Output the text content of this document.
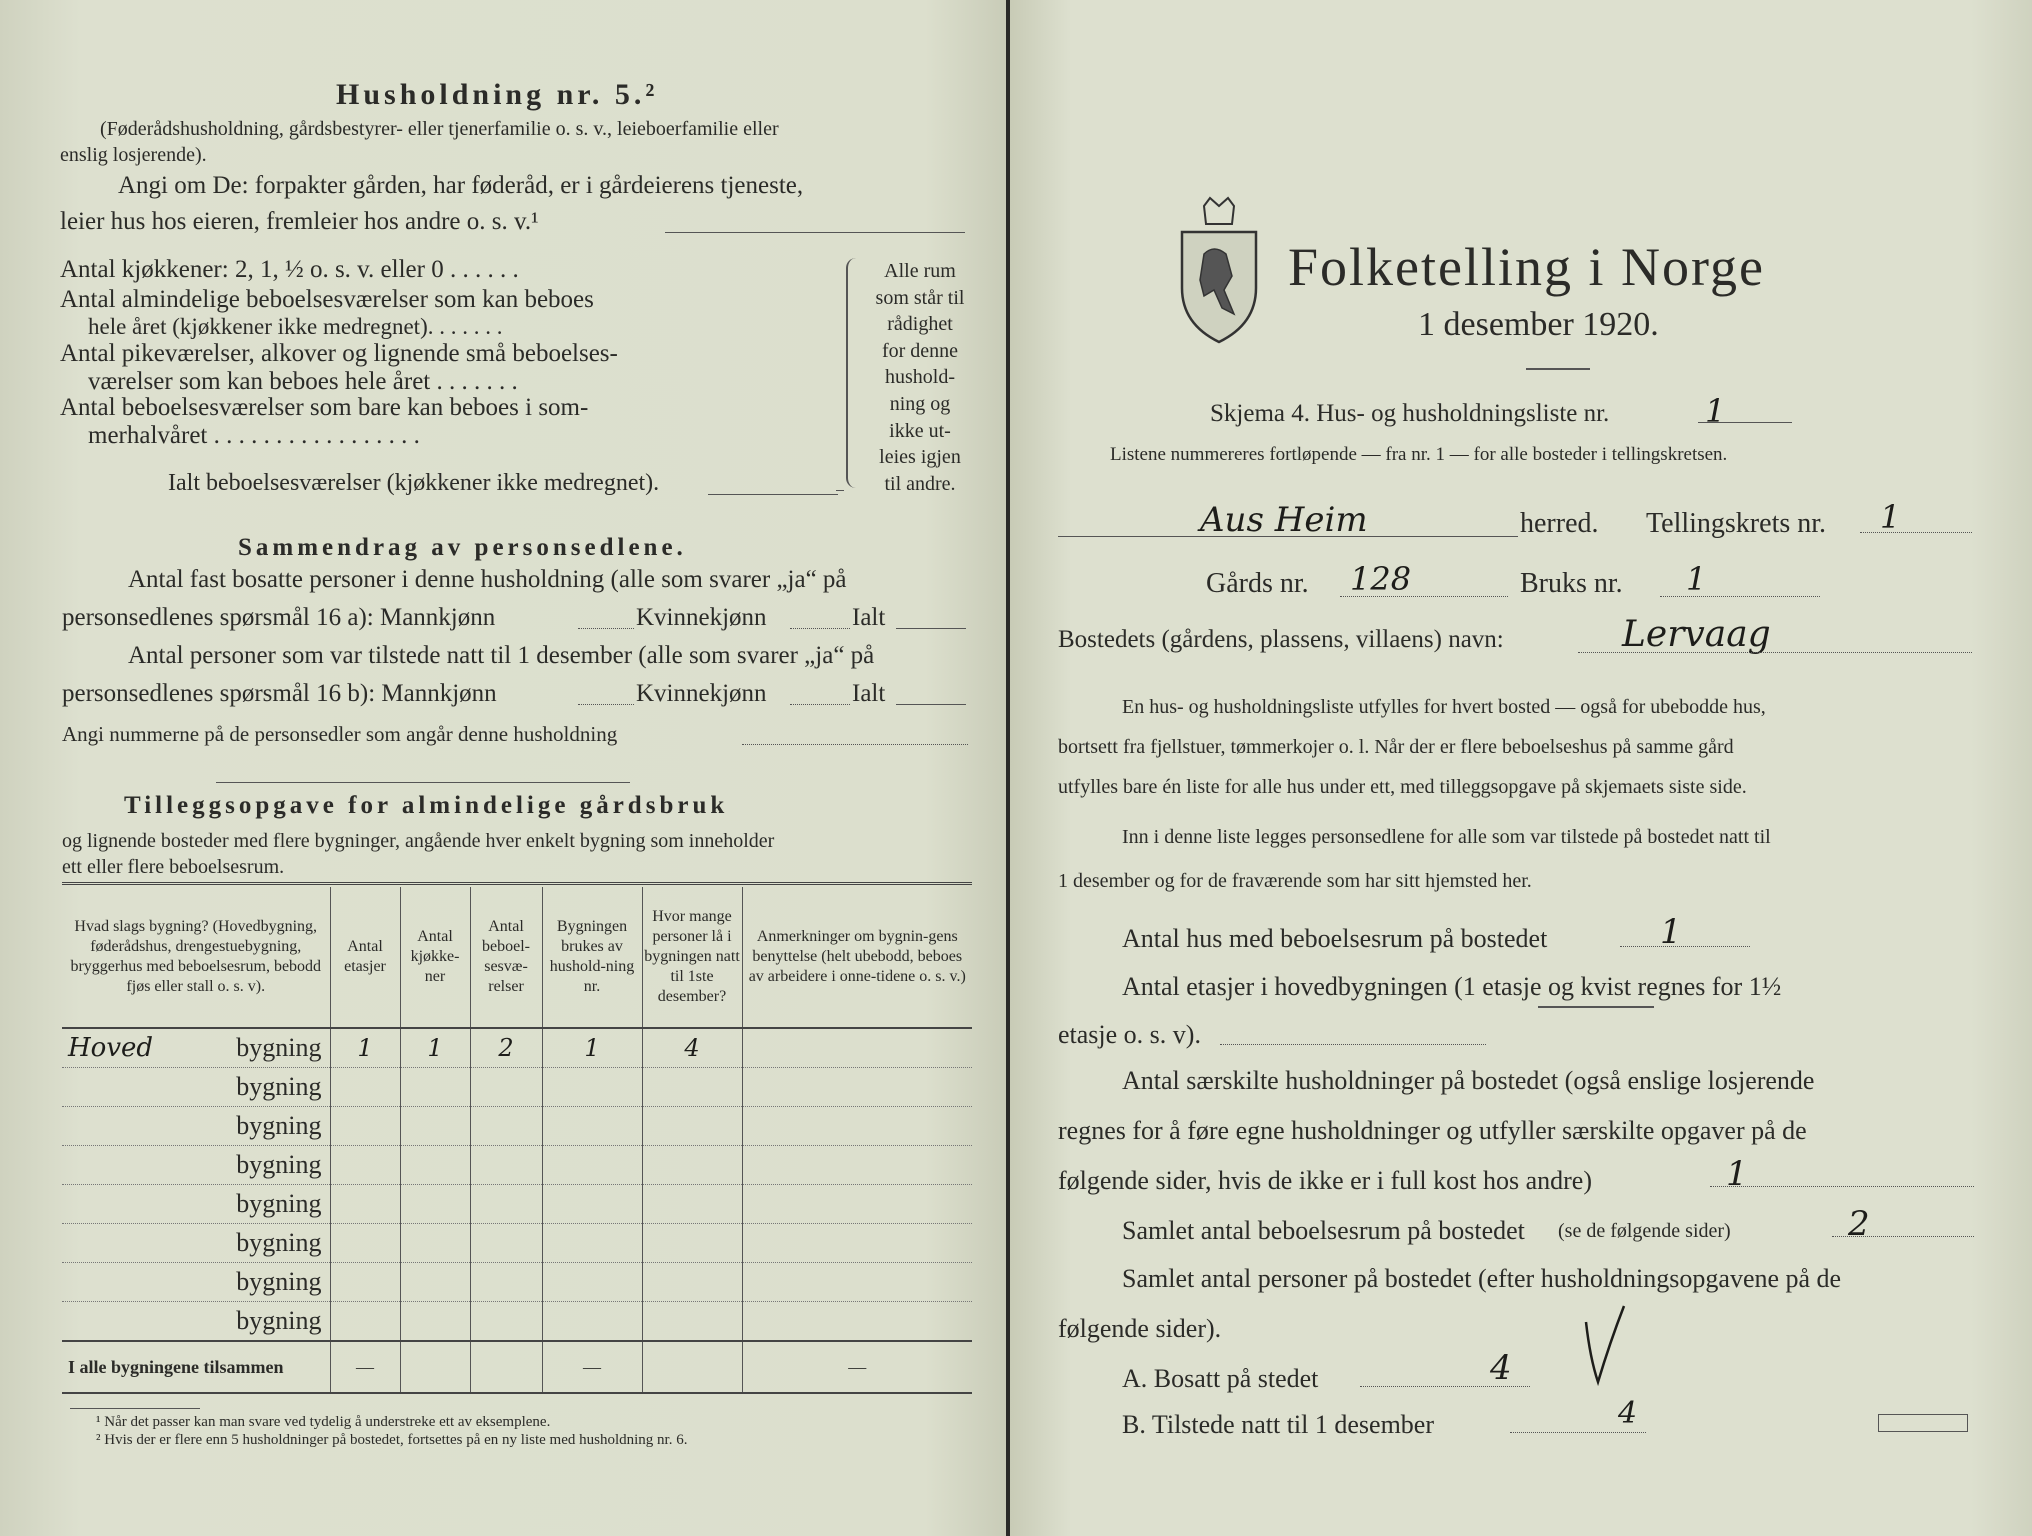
Husholdning nr. 5.²
(Føderådshusholdning, gårdsbestyrer- eller tjenerfamilie o. s. v., leieboerfamilie eller
enslig losjerende).
Angi om De: forpakter gården, har føderåd, er i gårdeierens tjeneste,
leier hus hos eieren, fremleier hos andre o. s. v.¹
Antal kjøkkener: 2, 1, ½ o. s. v. eller 0 . . . . . .
Antal almindelige beboelsesværelser som kan beboes
hele året (kjøkkener ikke medregnet). . . . . . .
Antal pikeværelser, alkover og lignende små beboelses-
værelser som kan beboes hele året . . . . . . .
Antal beboelsesværelser som bare kan beboes i som-
merhalvåret . . . . . . . . . . . . . . . . .
Ialt beboelsesværelser (kjøkkener ikke medregnet).
Alle rum
som står til
rådighet
for denne
hushold-
ning og
ikke ut-
leies igjen
til andre.
Sammendrag av personsedlene.
Antal fast bosatte personer i denne husholdning (alle som svarer „ja“ på
personsedlenes spørsmål 16 a): Mannkjønn	Kvinnekjønn	Ialt
Antal personer som var tilstede natt til 1 desember (alle som svarer „ja“ på
personsedlenes spørsmål 16 b): Mannkjønn	Kvinnekjønn	Ialt
Angi nummerne på de personsedler som angår denne husholdning
Tilleggsopgave for almindelige gårdsbruk
og lignende bosteder med flere bygninger, angående hver enkelt bygning som inneholder
ett eller flere beboelsesrum.
Hvad slags bygning? (Hovedbygning, føderådshus, drengestuebygning, bryggerhus med beboelsesrum, bebodd fjøs eller stall o. s. v).	Antal etasjer	Antal kjøkke-ner	Antal beboel-sesvæ-relser	Bygningen brukes av hushold-ning nr.	Hvor mange personer lå i bygningen natt til 1ste desember?	Anmerkninger om bygnin-gens benyttelse (helt ubebodd, beboes av arbeidere i onne-tidene o. s. v.)

Hoved bygning	1	1	2	1	4	
bygning						
bygning						
bygning						
bygning						
bygning						
bygning						
bygning						
I alle bygningene tilsammen	—			—		—
¹ Når det passer kan man svare ved tydelig å understreke ett av eksemplene.
² Hvis der er flere enn 5 husholdninger på bostedet, fortsettes på en ny liste med husholdning nr. 6.
Folketelling i Norge
1 desember 1920.
Skjema 4. Hus- og husholdningsliste nr.	1
Listene nummereres fortløpende — fra nr. 1 — for alle bosteder i tellingskretsen.
Aus Heim	herred. Tellingskrets nr. 1
Gårds nr. 128	Bruks nr. 1
Bostedets (gårdens, plassens, villaens) navn:	Lervaag
En hus- og husholdningsliste utfylles for hvert bosted — også for ubebodde hus,
bortsett fra fjellstuer, tømmerkojer o. l. Når der er flere beboelseshus på samme gård
utfylles bare én liste for alle hus under ett, med tilleggsopgave på skjemaets siste side.
Inn i denne liste legges personsedlene for alle som var tilstede på bostedet natt til
1 desember og for de fraværende som har sitt hjemsted her.
Antal hus med beboelsesrum på bostedet	1
Antal etasjer i hovedbygningen (1 etasje og kvist regnes for 1½
etasje o. s. v).
Antal særskilte husholdninger på bostedet (også enslige losjerende
regnes for å føre egne husholdninger og utfyller særskilte opgaver på de
følgende sider, hvis de ikke er i full kost hos andre)	1
Samlet antal beboelsesrum på bostedet (se de følgende sider)	2
Samlet antal personer på bostedet (efter husholdningsopgavene på de
følgende sider).
A. Bosatt på stedet	4
B. Tilstede natt til 1 desember	4
